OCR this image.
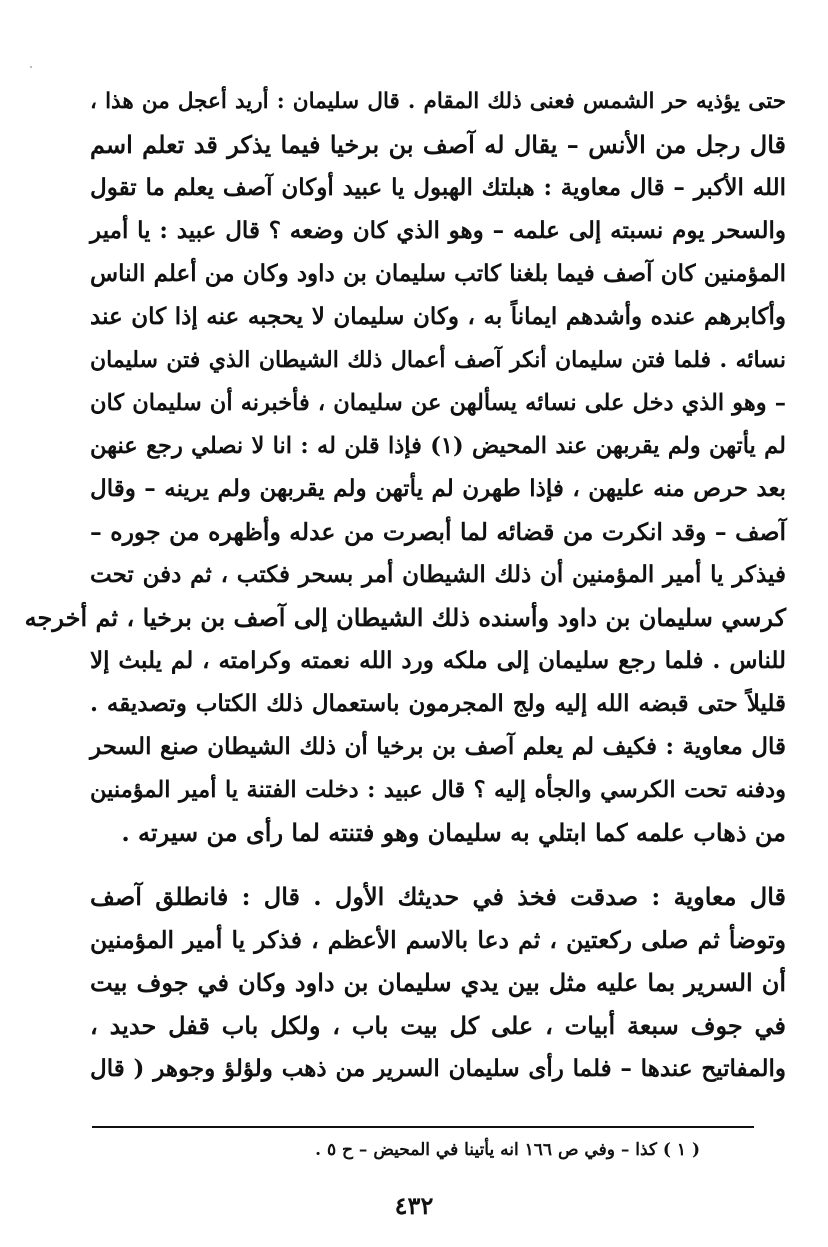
حتى يؤذيه حر الشمس فعنى ذلك المقام . قال سليمان : أريد أعجل من هذا ،
قال رجل من الأنس – يقال له آصف بن برخيا فيما يذكر قد تعلم اسم
الله الأكبر – قال معاوية : هبلتك الهبول يا عبيد أوكان آصف يعلم ما تقول
والسحر يوم نسبته إلى علمه – وهو الذي كان وضعه ؟ قال عبيد : يا أمير
المؤمنين كان آصف فيما بلغنا كاتب سليمان بن داود وكان من أعلم الناس
وأكابرهم عنده وأشدهم ايماناً به ، وكان سليمان لا يحجبه عنه إذا كان عند
نسائه . فلما فتن سليمان أنكر آصف أعمال ذلك الشيطان الذي فتن سليمان
– وهو الذي دخل على نسائه يسألهن عن سليمان ، فأخبرنه أن سليمان كان
لم يأتهن ولم يقربهن عند المحيض (١) فإذا قلن له : انا لا نصلي رجع عنهن
بعد حرص منه عليهن ، فإذا طهرن لم يأتهن ولم يقربهن ولم يرينه – وقال
آصف – وقد انكرت من قضائه لما أبصرت من عدله وأظهره من جوره –
فيذكر يا أمير المؤمنين أن ذلك الشيطان أمر بسحر فكتب ، ثم دفن تحت
كرسي سليمان بن داود وأسنده ذلك الشيطان إلى آصف بن برخيا ، ثم أخرجه
للناس . فلما رجع سليمان إلى ملكه ورد الله نعمته وكرامته ، لم يلبث إلا
قليلاً حتى قبضه الله إليه ولج المجرمون باستعمال ذلك الكتاب وتصديقه .
قال معاوية : فكيف لم يعلم آصف بن برخيا أن ذلك الشيطان صنع السحر
ودفنه تحت الكرسي والجأه إليه ؟ قال عبيد : دخلت الفتنة يا أمير المؤمنين
من ذهاب علمه كما ابتلي به سليمان وهو فتنته لما رأى من سيرته .
قال معاوية : صدقت فخذ في حديثك الأول . قال : فانطلق آصف
وتوضأ ثم صلى ركعتين ، ثم دعا بالاسم الأعظم ، فذكر يا أمير المؤمنين
أن السرير بما عليه مثل بين يدي سليمان بن داود وكان في جوف بيت
في جوف سبعة أبيات ، على كل بيت باب ، ولكل باب قفل حديد ،
والمفاتيح عندها – فلما رأى سليمان السرير من ذهب ولؤلؤ وجوهر ( قال
( ١ ) كذا – وفي ص ١٦٦ انه يأتينا في المحيض – ح ٥ .
٤٣٢
